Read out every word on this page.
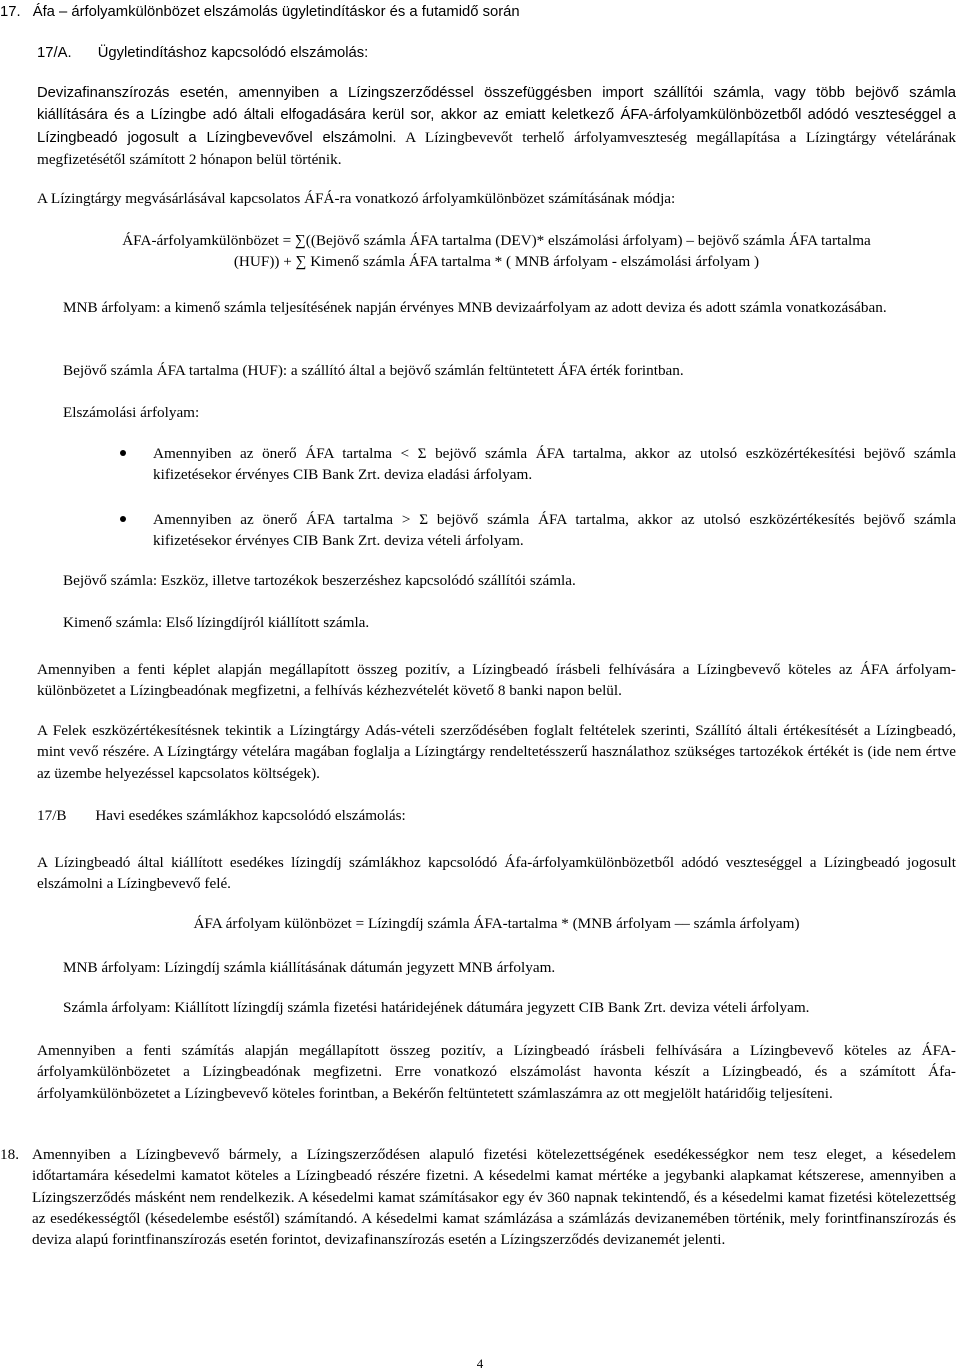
17. Áfa – árfolyamkülönbözet elszámolás ügyletindításkor és a futamidő során
17/A. Ügyletindításhoz kapcsolódó elszámolás:

Devizafinanszírozás esetén, amennyiben a Lízingszerződéssel összefüggésben import szállítói számla, vagy több bejövő számla kiállítására és a Lízingbe adó általi elfogadására kerül sor, akkor az emiatt keletkező ÁFA-árfolyamkülönbözetből adódó veszteséggel a Lízingbeadó jogosult a Lízingbevevővel elszámolni. A Lízingbevevőt terhelő árfolyamveszteség megállapítása a Lízingtárgy vételárának megfizetésétől számított 2 hónapon belül történik.

A Lízingtárgy megvásárlásával kapcsolatos ÁFÁ-ra vonatkozó árfolyamkülönbözet számításának módja:

ÁFA-árfolyamkülönbözet = ∑((Bejövő számla ÁFA tartalma (DEV)* elszámolási árfolyam) – bejövő számla ÁFA tartalma
(HUF)) + ∑ Kimenő számla ÁFA tartalma * ( MNB árfolyam - elszámolási árfolyam )

MNB árfolyam: a kimenő számla teljesítésének napján érvényes MNB devizaárfolyam az adott deviza és adott számla vonatkozásában.

Bejövő számla ÁFA tartalma (HUF): a szállító által a bejövő számlán feltüntetett ÁFA érték forintban.

Elszámolási árfolyam:

Amennyiben az önerő ÁFA tartalma < Σ bejövő számla ÁFA tartalma, akkor az utolsó eszközértékesítési bejövő számla kifizetésekor érvényes CIB Bank Zrt. deviza eladási árfolyam.

Amennyiben az önerő ÁFA tartalma > Σ bejövő számla ÁFA tartalma, akkor az utolsó eszközértékesítés bejövő számla kifizetésekor érvényes CIB Bank Zrt. deviza vételi árfolyam.

Bejövő számla: Eszköz, illetve tartozékok beszerzéshez kapcsolódó szállítói számla.

Kimenő számla: Első lízingdíjról kiállított számla.

Amennyiben a fenti képlet alapján megállapított összeg pozitív, a Lízingbeadó írásbeli felhívására a Lízingbevevő köteles az ÁFA árfolyam-különbözetet a Lízingbeadónak megfizetni, a felhívás kézhezvételét követő 8 banki napon belül.

A Felek eszközértékesítésnek tekintik a Lízingtárgy Adás-vételi szerződésében foglalt feltételek szerinti, Szállító általi értékesítését a Lízingbeadó, mint vevő részére. A Lízingtárgy vételára magában foglalja a Lízingtárgy rendeltetésszerű használathoz szükséges tartozékok értékét is (ide nem értve az üzembe helyezéssel kapcsolatos költségek).

17/B Havi esedékes számlákhoz kapcsolódó elszámolás:

A Lízingbeadó által kiállított esedékes lízingdíj számlákhoz kapcsolódó Áfa-árfolyamkülönbözetből adódó veszteséggel a Lízingbeadó jogosult elszámolni a Lízingbevevő felé.

ÁFA árfolyam különbözet = Lízingdíj számla ÁFA-tartalma * (MNB árfolyam –– számla árfolyam)

MNB árfolyam: Lízingdíj számla kiállításának dátumán jegyzett MNB árfolyam.

Számla árfolyam: Kiállított lízingdíj számla fizetési határidejének dátumára jegyzett CIB Bank Zrt. deviza vételi árfolyam.

Amennyiben a fenti számítás alapján megállapított összeg pozitív, a Lízingbeadó írásbeli felhívására a Lízingbevevő köteles az ÁFA-árfolyamkülönbözetet a Lízingbeadónak megfizetni. Erre vonatkozó elszámolást havonta készít a Lízingbeadó, és a számított Áfa-árfolyamkülönbözetet a Lízingbevevő köteles forintban, a Bekérőn feltüntetett számlaszámra az ott megjelölt határidőig teljesíteni.

18. Amennyiben a Lízingbevevő bármely, a Lízingszerződésen alapuló fizetési kötelezettségének esedékességkor nem tesz eleget, a késedelem időtartamára késedelmi kamatot köteles a Lízingbeadó részére fizetni. A késedelmi kamat mértéke a jegybanki alapkamat kétszerese, amennyiben a Lízingszerződés másként nem rendelkezik. A késedelmi kamat számításakor egy év 360 napnak tekintendő, és a késedelmi kamat fizetési kötelezettség az esedékességtől (késedelembe eséstől) számítandó. A késedelmi kamat számlázása a számlázás devizanemében történik, mely forintfinanszírozás és deviza alapú forintfinanszírozás esetén forintot, devizafinanszírozás esetén a Lízingszerződés devizanemét jelenti.

4
